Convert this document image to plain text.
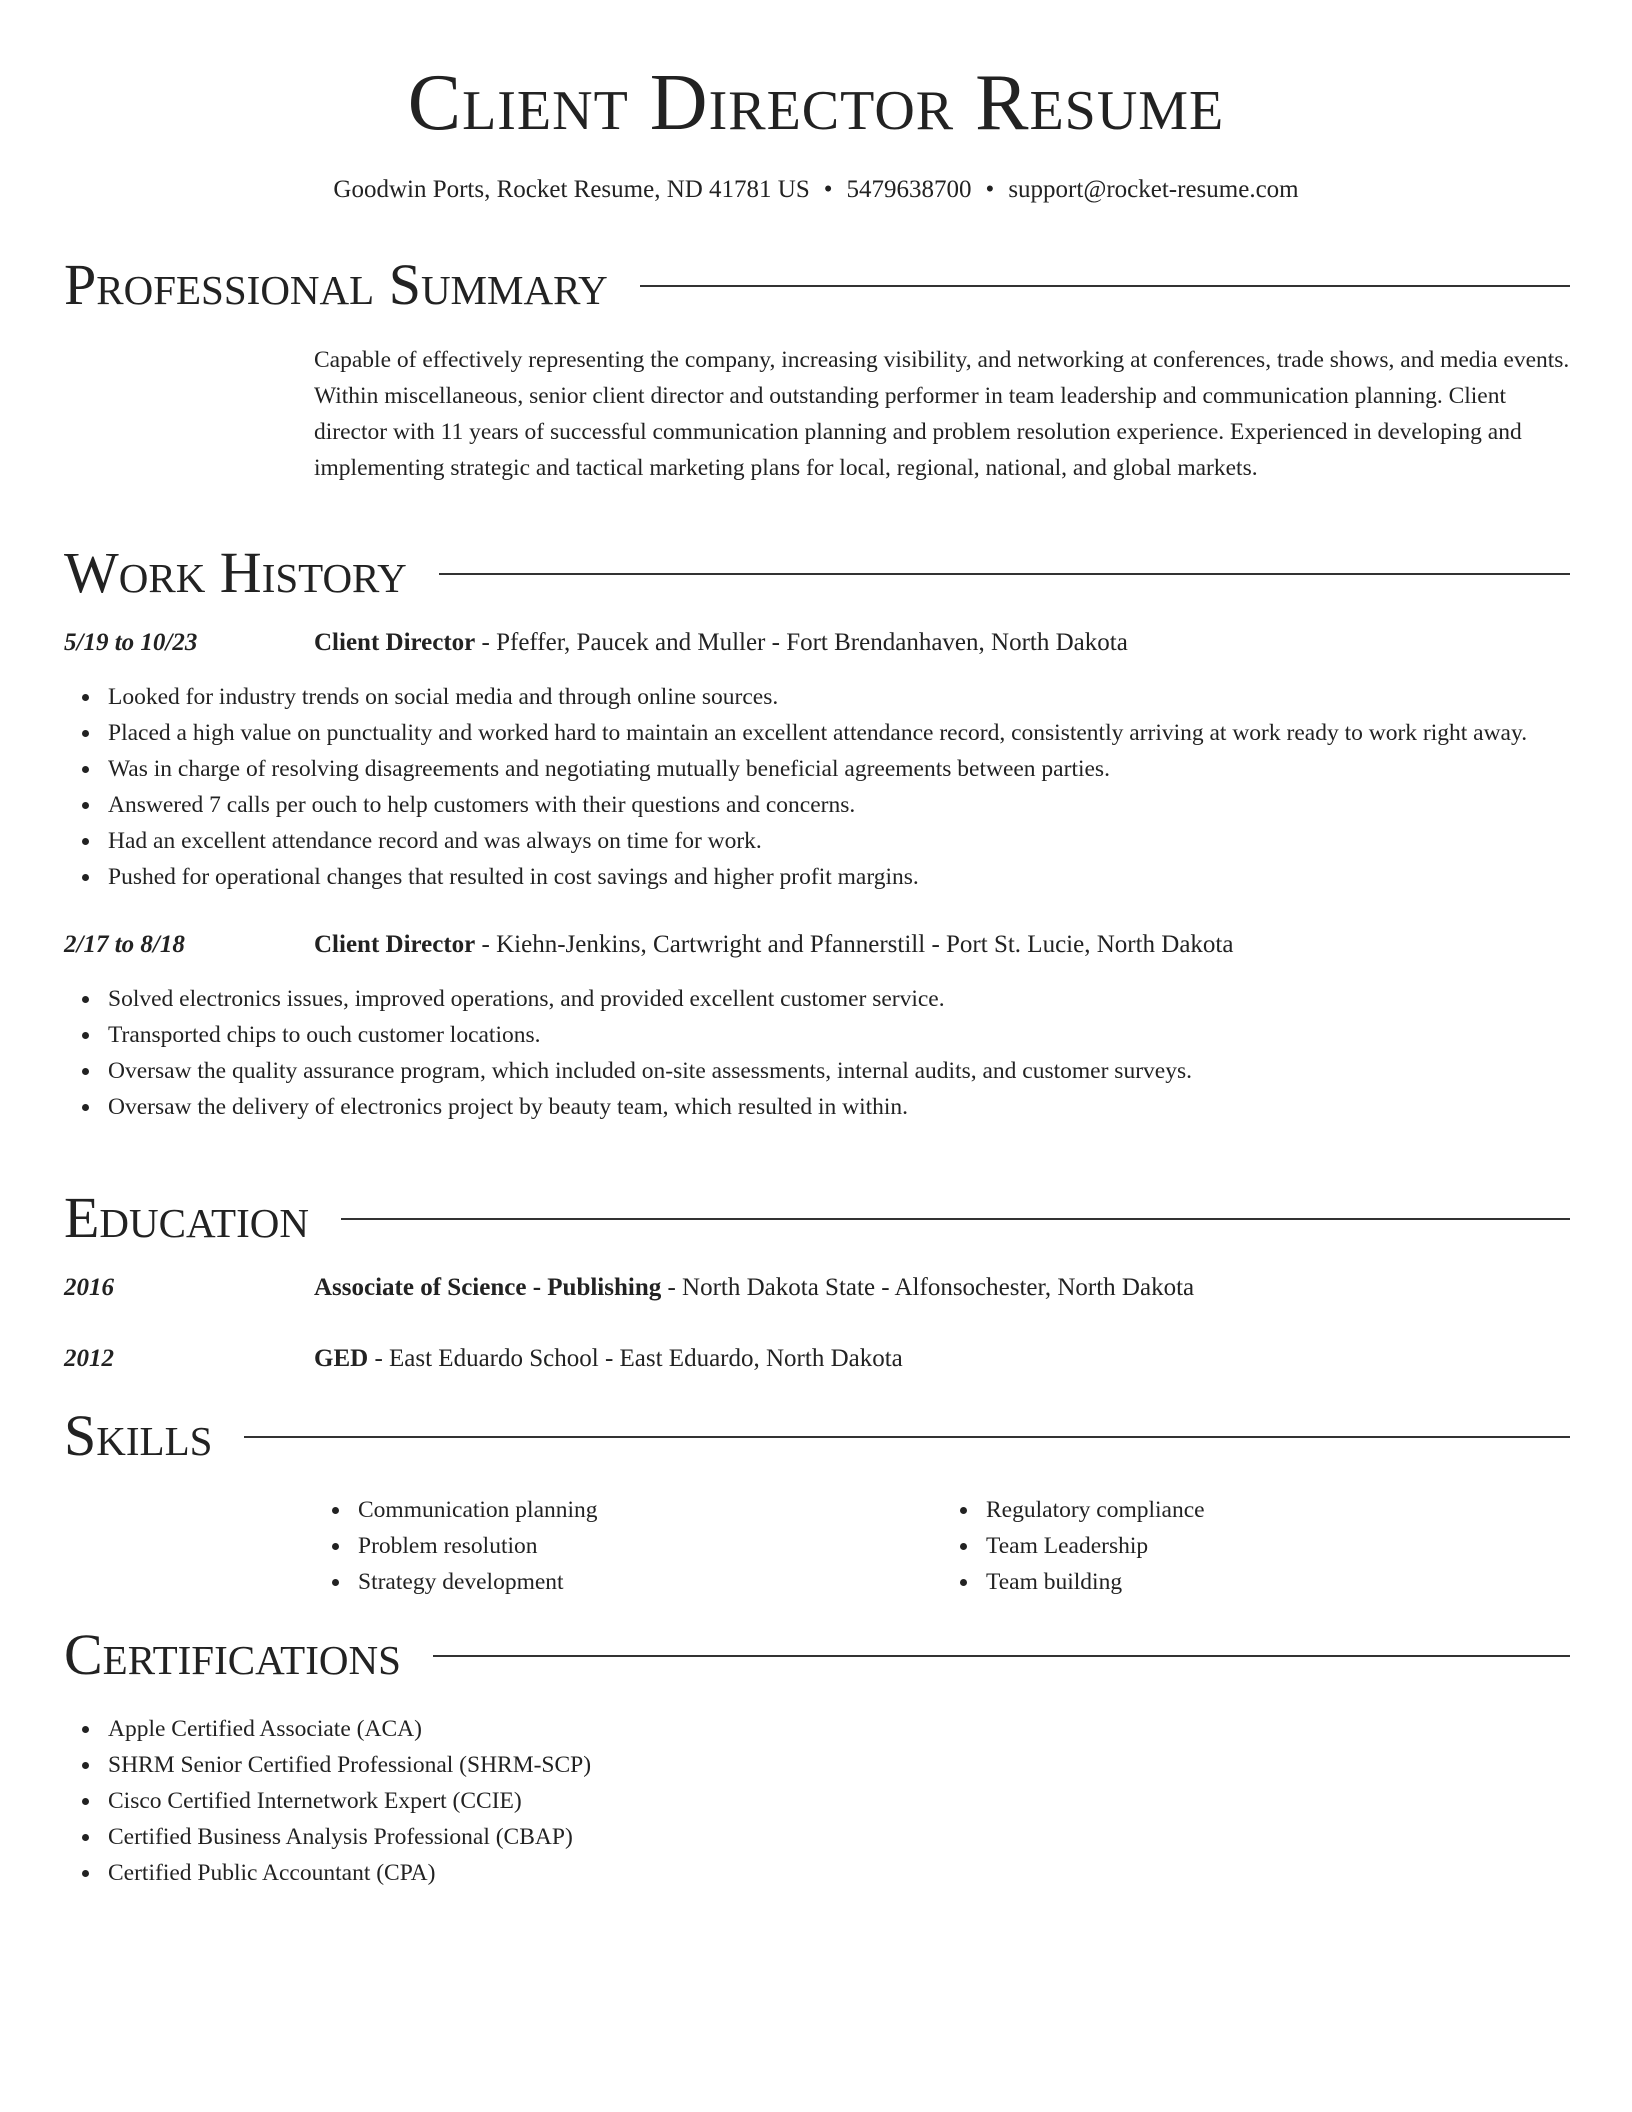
Client Director Resume
Goodwin Ports, Rocket Resume, ND 41781 US • 5479638700 • support@rocket-resume.com
Professional Summary
Capable of effectively representing the company, increasing visibility, and networking at conferences, trade shows, and media events. Within miscellaneous, senior client director and outstanding performer in team leadership and communication planning. Client director with 11 years of successful communication planning and problem resolution experience. Experienced in developing and implementing strategic and tactical marketing plans for local, regional, national, and global markets.
Work History
5/19 to 10/23	Client Director - Pfeffer, Paucek and Muller - Fort Brendanhaven, North Dakota
Looked for industry trends on social media and through online sources.
Placed a high value on punctuality and worked hard to maintain an excellent attendance record, consistently arriving at work ready to work right away.
Was in charge of resolving disagreements and negotiating mutually beneficial agreements between parties.
Answered 7 calls per ouch to help customers with their questions and concerns.
Had an excellent attendance record and was always on time for work.
Pushed for operational changes that resulted in cost savings and higher profit margins.
2/17 to 8/18	Client Director - Kiehn-Jenkins, Cartwright and Pfannerstill - Port St. Lucie, North Dakota
Solved electronics issues, improved operations, and provided excellent customer service.
Transported chips to ouch customer locations.
Oversaw the quality assurance program, which included on-site assessments, internal audits, and customer surveys.
Oversaw the delivery of electronics project by beauty team, which resulted in within.
Education
2016	Associate of Science - Publishing - North Dakota State - Alfonsochester, North Dakota
2012	GED - East Eduardo School - East Eduardo, North Dakota
Skills
Communication planning
Problem resolution
Strategy development
Regulatory compliance
Team Leadership
Team building
Certifications
Apple Certified Associate (ACA)
SHRM Senior Certified Professional (SHRM-SCP)
Cisco Certified Internetwork Expert (CCIE)
Certified Business Analysis Professional (CBAP)
Certified Public Accountant (CPA)
